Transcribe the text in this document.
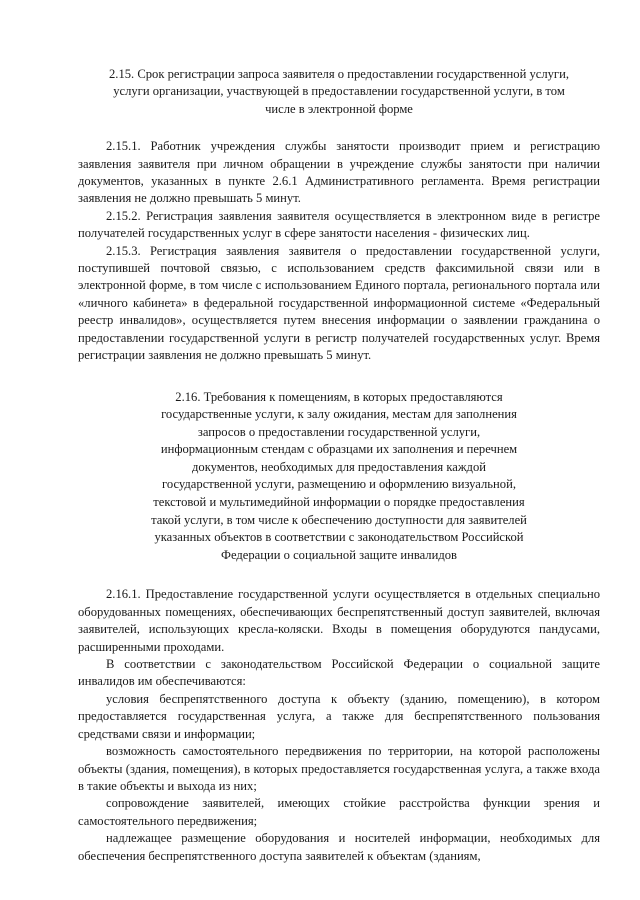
2.15. Срок регистрации запроса заявителя о предоставлении государственной услуги, услуги организации, участвующей в предоставлении государственной услуги, в том числе в электронной форме

2.15.1. Работник учреждения службы занятости производит прием и регистрацию заявления заявителя при личном обращении в учреждение службы занятости при наличии документов, указанных в пункте 2.6.1 Административного регламента. Время регистрации заявления не должно превышать 5 минут.

2.15.2. Регистрация заявления заявителя осуществляется в электронном виде в регистре получателей государственных услуг в сфере занятости населения - физических лиц.

2.15.3. Регистрация заявления заявителя о предоставлении государственной услуги, поступившей почтовой связью, с использованием средств факсимильной связи или в электронной форме, в том числе с использованием Единого портала, регионального портала или «личного кабинета» в федеральной государственной информационной системе «Федеральный реестр инвалидов», осуществляется путем внесения информации о заявлении гражданина о предоставлении государственной услуги в регистр получателей государственных услуг. Время регистрации заявления не должно превышать 5 минут.

2.16. Требования к помещениям, в которых предоставляются государственные услуги, к залу ожидания, местам для заполнения запросов о предоставлении государственной услуги, информационным стендам с образцами их заполнения и перечнем документов, необходимых для предоставления каждой государственной услуги, размещению и оформлению визуальной, текстовой и мультимедийной информации о порядке предоставления такой услуги, в том числе к обеспечению доступности для заявителей указанных объектов в соответствии с законодательством Российской Федерации о социальной защите инвалидов

2.16.1. Предоставление государственной услуги осуществляется в отдельных специально оборудованных помещениях, обеспечивающих беспрепятственный доступ заявителей, включая заявителей, использующих кресла-коляски. Входы в помещения оборудуются пандусами, расширенными проходами.

В соответствии с законодательством Российской Федерации о социальной защите инвалидов им обеспечиваются:

условия беспрепятственного доступа к объекту (зданию, помещению), в котором предоставляется государственная услуга, а также для беспрепятственного пользования средствами связи и информации;

возможность самостоятельного передвижения по территории, на которой расположены объекты (здания, помещения), в которых предоставляется государственная услуга, а также входа в такие объекты и выхода из них;

сопровождение заявителей, имеющих стойкие расстройства функции зрения и самостоятельного передвижения;

надлежащее размещение оборудования и носителей информации, необходимых для обеспечения беспрепятственного доступа заявителей к объектам (зданиям,
